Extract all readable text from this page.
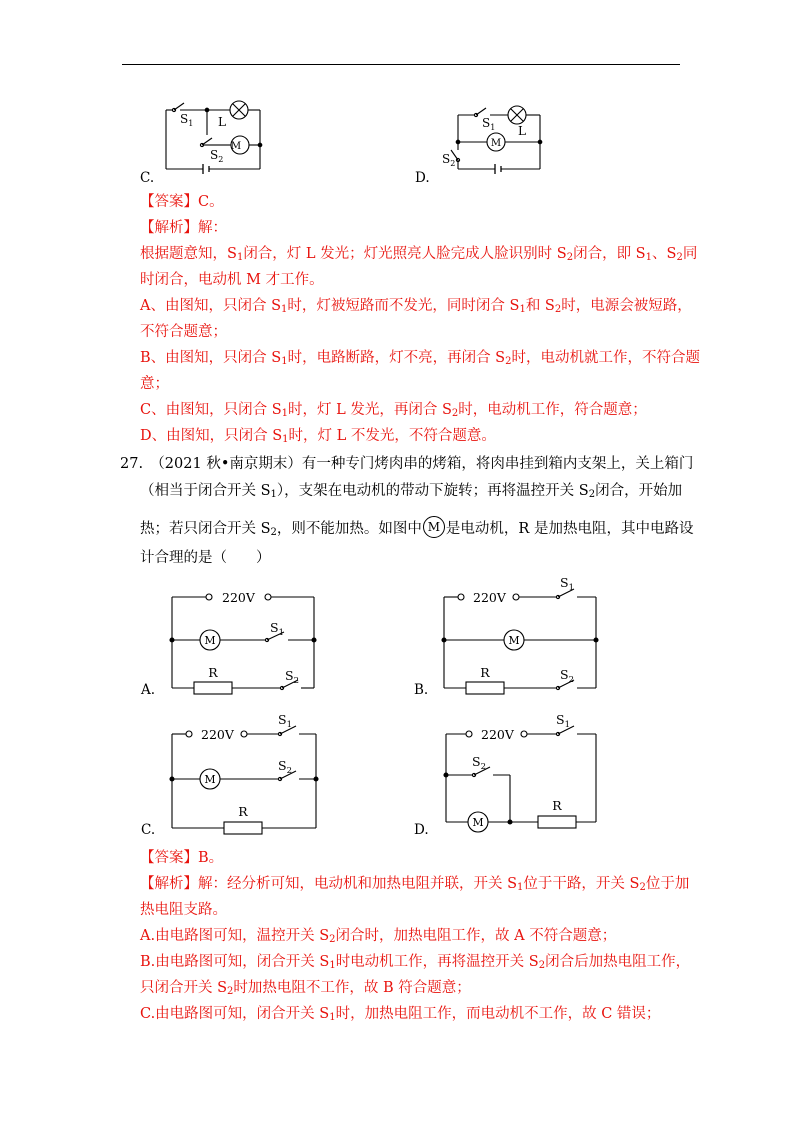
$S_1$ L
M
$S_2$
C.
$S_1$ L
M
$S_2$
D.
【答案】C。
【解析】解：
根据题意知，$S_1$闭合，灯 L 发光；灯光照亮人脸完成人脸识别时 $S_2$闭合，即 $S_1$、$S_2$同
时闭合，电动机 M 才工作。
A、由图知，只闭合 $S_1$时，灯被短路而不发光，同时闭合 $S_1$和 $S_2$时，电源会被短路，
不符合题意；
B、由图知，只闭合 $S_1$时，电路断路，灯不亮，再闭合 $S_2$时，电动机就工作，不符合题
意；
C、由图知，只闭合 $S_1$时，灯 L 发光，再闭合 $S_2$时，电动机工作，符合题意；
D、由图知，只闭合 $S_1$时，灯 L 不发光，不符合题意。
27.　（2021 秋•南京期末）有一种专门烤肉串的烤箱，将肉串挂到箱内支架上，关上箱门
（相当于闭合开关 $S_1$），支架在电动机的带动下旋转；再将温控开关 $S_2$闭合，开始加
热；若只闭合开关 $S_2$，则不能加热。如图中 M 是电动机，R 是加热电阻，其中电路设
计合理的是（　　）
220V
M
$S_1$
R	$S_2$
A.
220V
M
$S_1$
R	$S_2$
B.
220V
M
$S_1$
$S_2$
R
C.
220V
M
$S_1$
$S_2$
R
D.
【答案】B。
【解析】解：经分析可知，电动机和加热电阻并联，开关 $S_1$位于干路，开关 $S_2$位于加
热电阻支路。
A.由电路图可知，温控开关 $S_2$闭合时，加热电阻工作，故 A 不符合题意；
B.由电路图可知，闭合开关 $S_1$时电动机工作，再将温控开关 $S_2$闭合后加热电阻工作，
只闭合开关 $S_2$时加热电阻不工作，故 B 符合题意；
C.由电路图可知，闭合开关 $S_1$时，加热电阻工作，而电动机不工作，故 C 错误；
